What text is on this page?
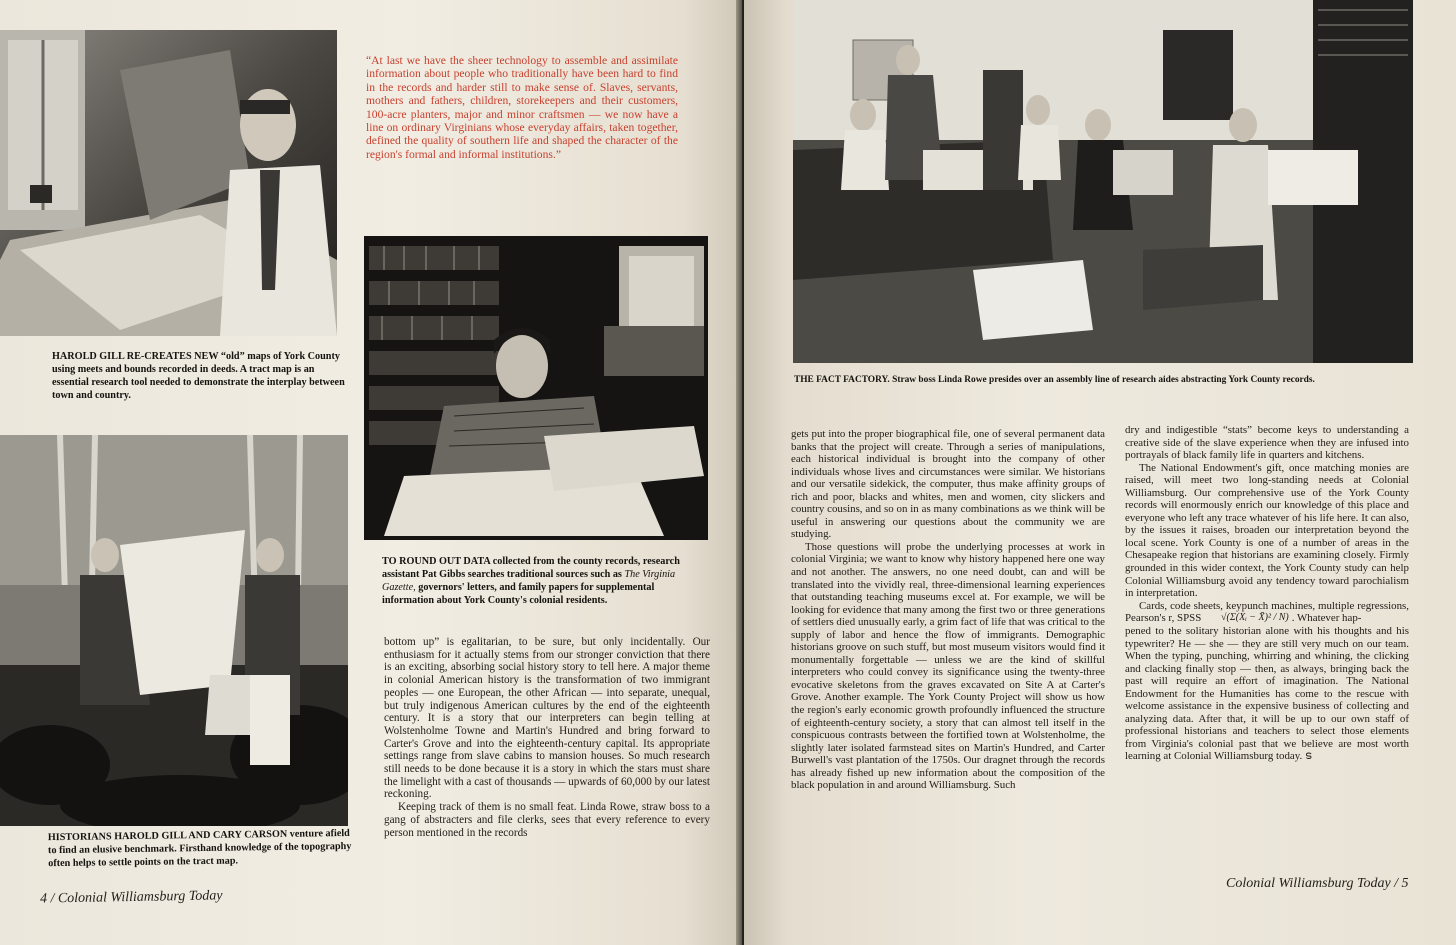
“At last we have the sheer technology to assemble and assimilate information about people who traditionally have been hard to find in the records and harder still to make sense of. Slaves, servants, mothers and fathers, children, storekeepers and their customers, 100-acre planters, major and minor craftsmen — we now have a line on ordinary Virginians whose everyday affairs, taken together, defined the quality of southern life and shaped the character of the region's formal and informal institutions.”
HAROLD GILL RE-CREATES NEW “old” maps of York County using meets and bounds recorded in deeds. A tract map is an essential research tool needed to demonstrate the interplay between town and country.
TO ROUND OUT DATA collected from the county records, research assistant Pat Gibbs searches traditional sources such as The Virginia Gazette, governors' letters, and family papers for supplemental information about York County's colonial residents.
HISTORIANS HAROLD GILL AND CARY CARSON venture afield to find an elusive benchmark. Firsthand knowledge of the topography often helps to settle points on the tract map.

bottom up” is egalitarian, to be sure, but only incidentally. Our enthusiasm for it actually stems from our stronger conviction that there is an exciting, absorbing social history story to tell here. A major theme in colonial American history is the transformation of two immigrant peoples — one European, the other African — into separate, unequal, but truly indigenous American cultures by the end of the eighteenth century. It is a story that our interpreters can begin telling at Wolstenholme Towne and Martin's Hundred and bring forward to Carter's Grove and into the eighteenth-century capital. Its appropriate settings range from slave cabins to mansion houses. So much research still needs to be done because it is a story in which the stars must share the limelight with a cast of thousands — upwards of 60,000 by our latest reckoning.

Keeping track of them is no small feat. Linda Rowe, straw boss to a gang of abstracters and file clerks, sees that every reference to every person mentioned in the records

4 / Colonial Williamsburg Today
THE FACT FACTORY. Straw boss Linda Rowe presides over an assembly line of research aides abstracting York County records.

gets put into the proper biographical file, one of several permanent data banks that the project will create. Through a series of manipulations, each historical individual is brought into the company of other individuals whose lives and circumstances were similar. We historians and our versatile sidekick, the computer, thus make affinity groups of rich and poor, blacks and whites, men and women, city slickers and country cousins, and so on in as many combinations as we think will be useful in answering our questions about the community we are studying.

Those questions will probe the underlying processes at work in colonial Virginia; we want to know why history happened here one way and not another. The answers, no one need doubt, can and will be translated into the vividly real, three-dimensional learning experiences that outstanding teaching museums excel at. For example, we will be looking for evidence that many among the first two or three generations of settlers died unusually early, a grim fact of life that was critical to the supply of labor and hence the flow of immigrants. Demographic historians groove on such stuff, but most museum visitors would find it monumentally forgettable — unless we are the kind of skillful interpreters who could convey its significance using the twenty-three evocative skeletons from the graves excavated on Site A at Carter's Grove. Another example. The York County Project will show us how the region's early economic growth profoundly influenced the structure of eighteenth-century society, a story that can almost tell itself in the conspicuous contrasts between the fortified town at Wolstenholme, the slightly later isolated farmstead sites on Martin's Hundred, and Carter Burwell's vast plantation of the 1750s. Our dragnet through the records has already fished up new information about the composition of the black population in and around Williamsburg. Such

dry and indigestible “stats” become keys to understanding a creative side of the slave experience when they are infused into portrayals of black family life in quarters and kitchens.

The National Endowment's gift, once matching monies are raised, will meet two long-standing needs at Colonial Williamsburg. Our comprehensive use of the York County records will enormously enrich our knowledge of this place and everyone who left any trace whatever of his life here. It can also, by the issues it raises, broaden our interpretation beyond the local scene. York County is one of a number of areas in the Chesapeake region that historians are examining closely. Firmly grounded in this wider context, the York County study can help Colonial Williamsburg avoid any tendency toward parochialism in interpretation.

Cards, code sheets, keypunch machines, multiple regressions, Pearson's r, SPSS √(Σ(Xᵢ − X̄)² / N) . Whatever hap-

pened to the solitary historian alone with his thoughts and his typewriter? He — she — they are still very much on our team. When the typing, punching, whirring and whining, the clicking and clacking finally stop — then, as always, bringing back the past will require an effort of imagination. The National Endowment for the Humanities has come to the rescue with welcome assistance in the expensive business of collecting and analyzing data. After that, it will be up to our own staff of professional historians and teachers to select those elements from Virginia's colonial past that we believe are most worth learning at Colonial Williamsburg today. ട

Colonial Williamsburg Today / 5
